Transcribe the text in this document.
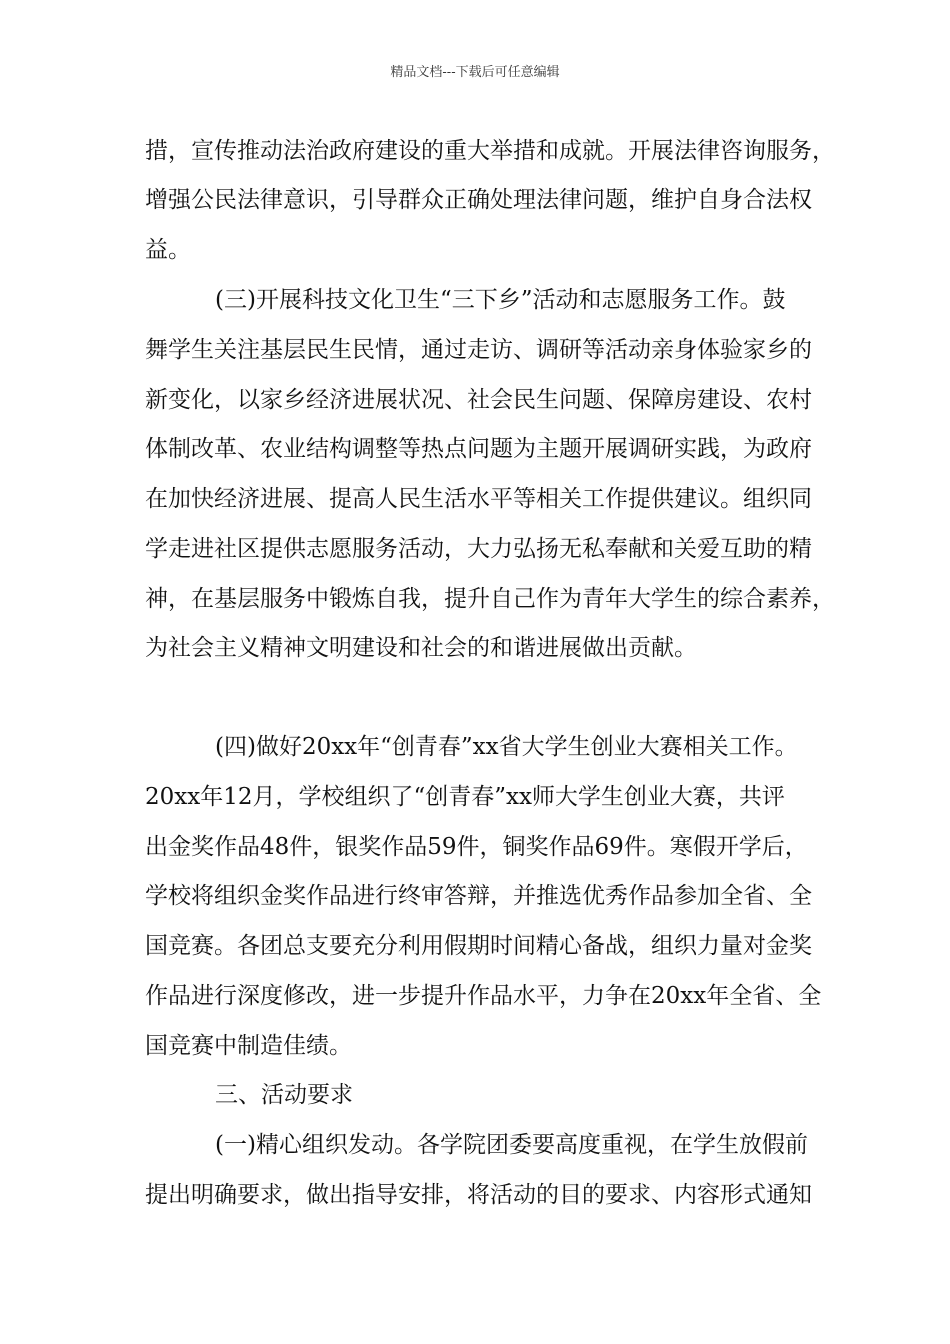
精品文档---下载后可任意编辑
措，宣传推动法治政府建设的重大举措和成就。开展法律咨询服务，
增强公民法律意识，引导群众正确处理法律问题，维护自身合法权
益。
(三)开展科技文化卫生“三下乡”活动和志愿服务工作。鼓
舞学生关注基层民生民情，通过走访、调研等活动亲身体验家乡的
新变化，以家乡经济进展状况、社会民生问题、保障房建设、农村
体制改革、农业结构调整等热点问题为主题开展调研实践，为政府
在加快经济进展、提高人民生活水平等相关工作提供建议。组织同
学走进社区提供志愿服务活动，大力弘扬无私奉献和关爱互助的精
神，在基层服务中锻炼自我，提升自己作为青年大学生的综合素养，
为社会主义精神文明建设和社会的和谐进展做出贡献。
(四)做好20xx年“创青春”xx省大学生创业大赛相关工作。
20xx年12月，学校组织了“创青春”xx师大学生创业大赛，共评
出金奖作品48件，银奖作品59件，铜奖作品69件。寒假开学后，
学校将组织金奖作品进行终审答辩，并推选优秀作品参加全省、全
国竞赛。各团总支要充分利用假期时间精心备战，组织力量对金奖
作品进行深度修改，进一步提升作品水平，力争在20xx年全省、全
国竞赛中制造佳绩。
三、活动要求
(一)精心组织发动。各学院团委要高度重视，在学生放假前
提出明确要求，做出指导安排，将活动的目的要求、内容形式通知
